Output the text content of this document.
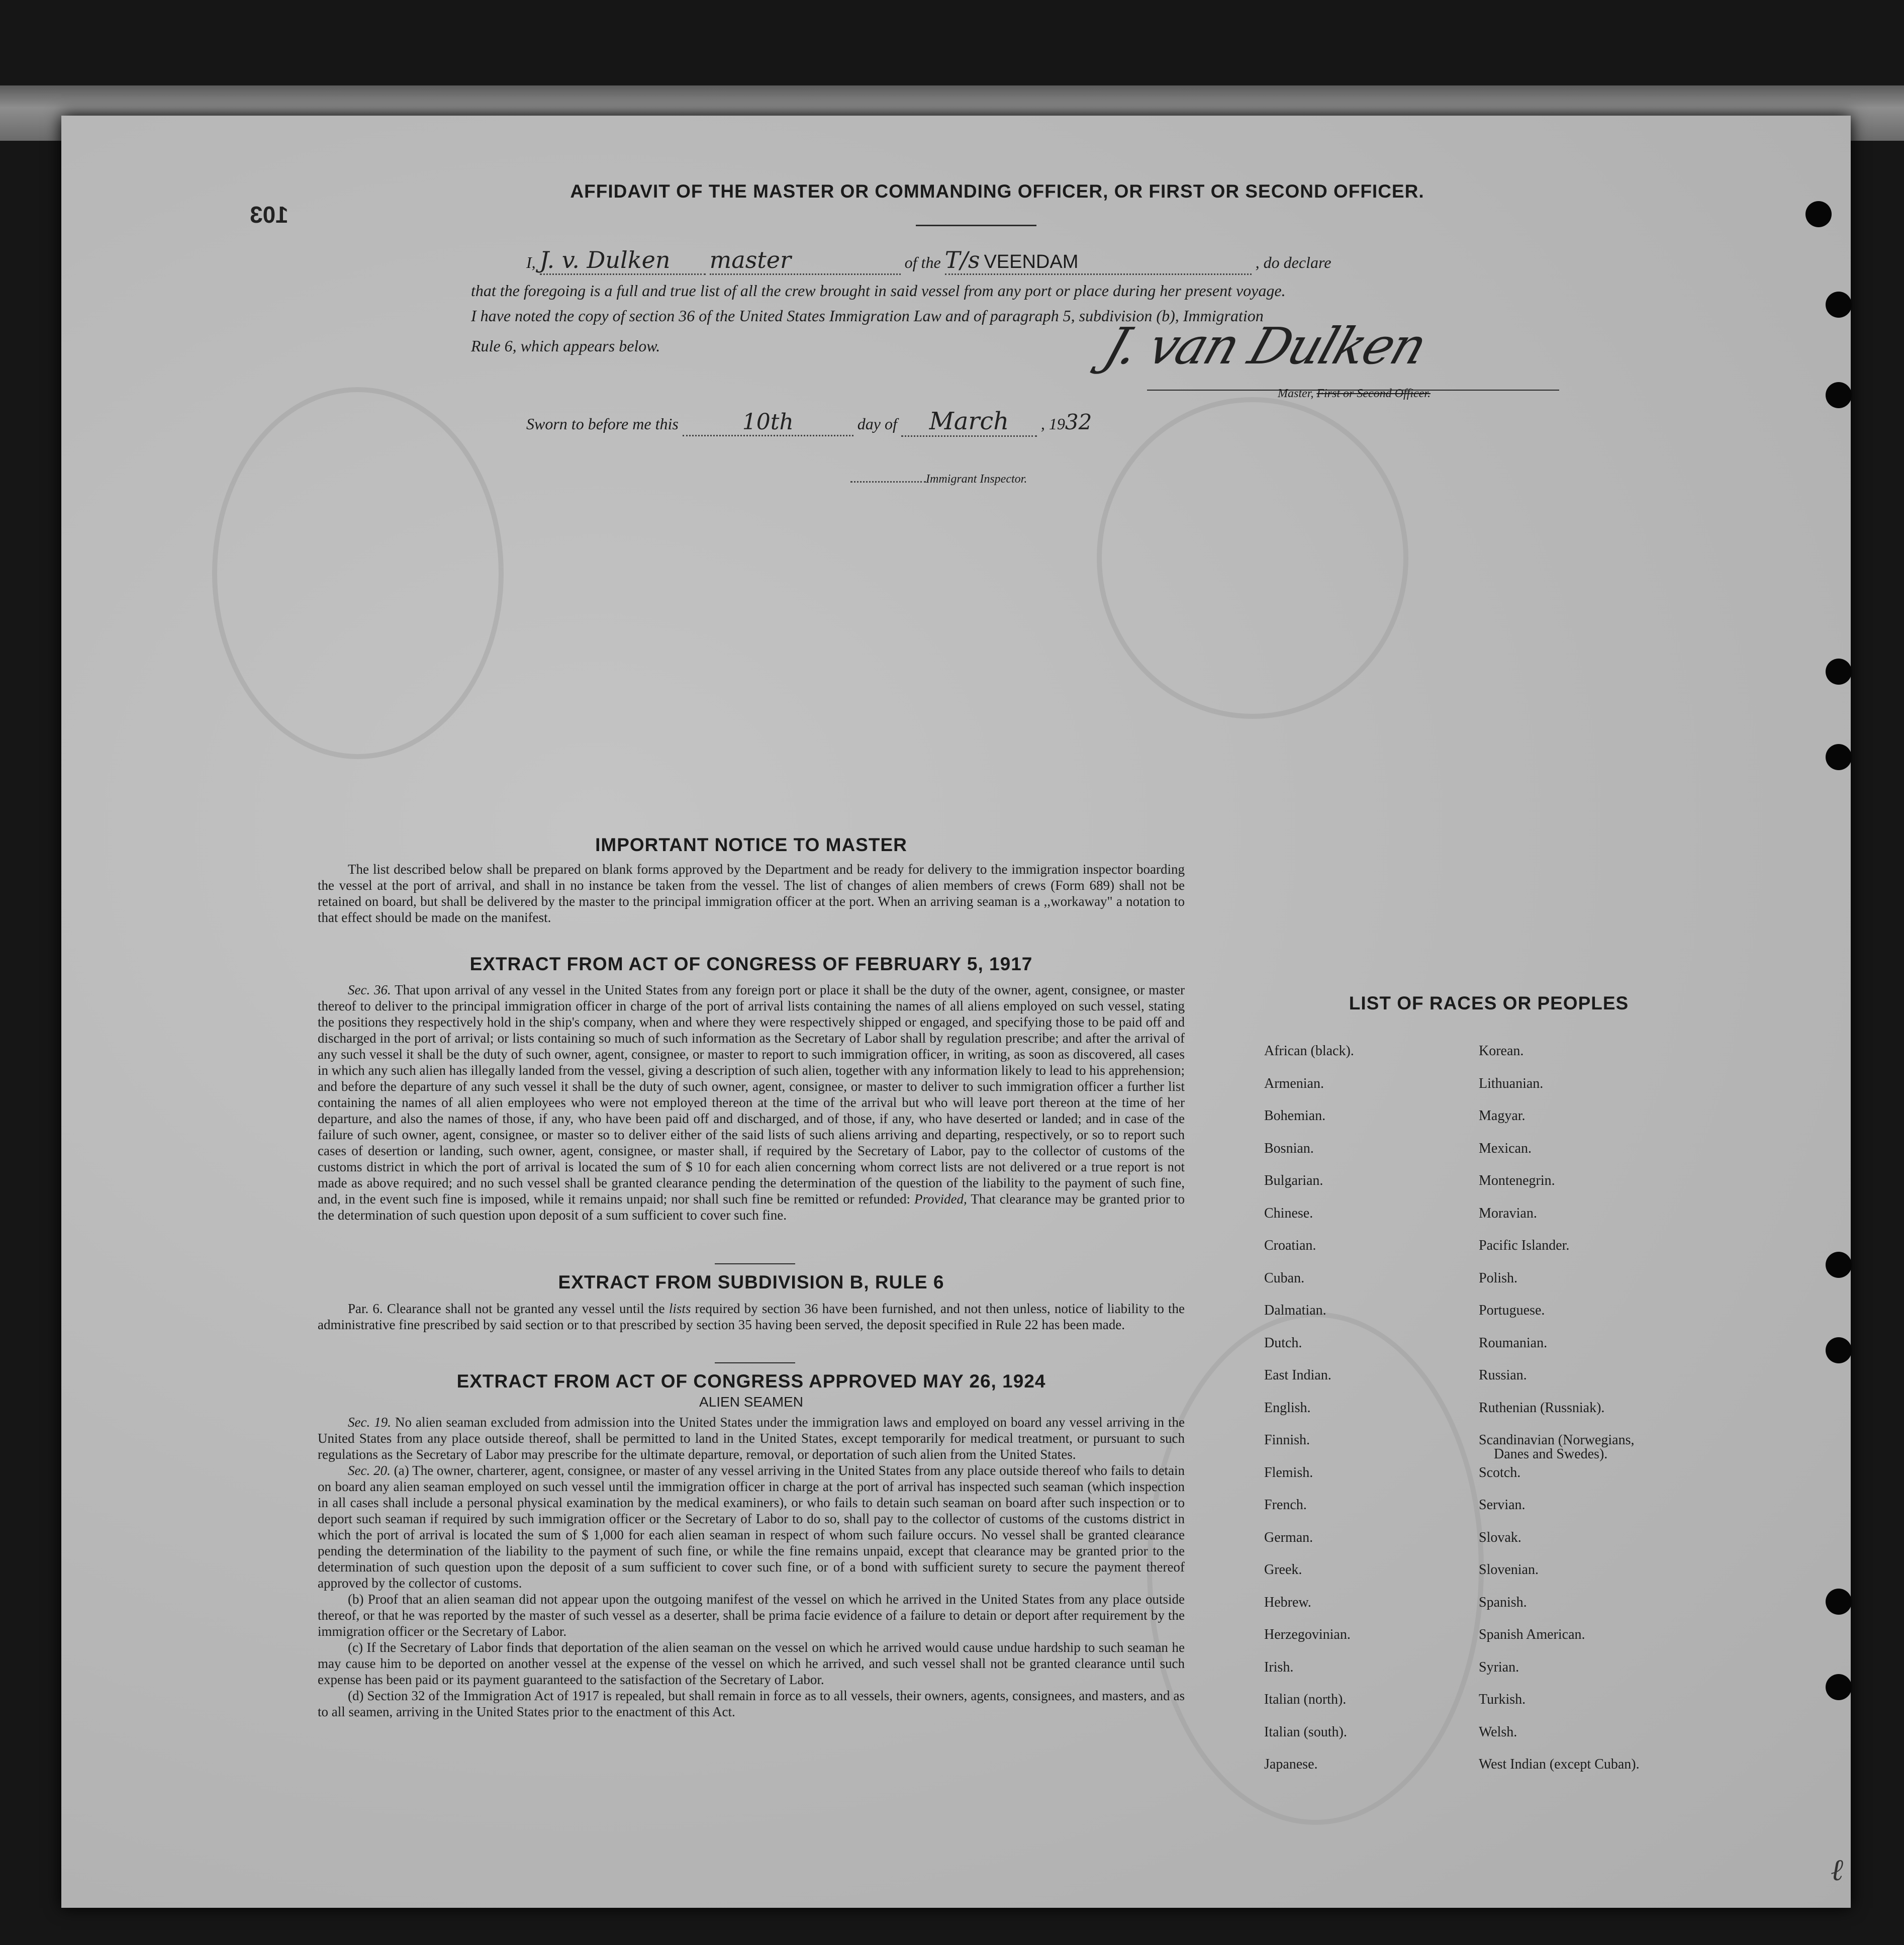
103
AFFIDAVIT OF THE MASTER OR COMMANDING OFFICER, OR FIRST OR SECOND OFFICER.
I, J. v. Dulken master	of the T/s VEENDAM	, do declare
that the foregoing is a full and true list of all the crew brought in said vessel from any port or place during her present voyage.
I have noted the copy of section 36 of the United States Immigration Law and of paragraph 5, subdivision (b), Immigration
Rule 6, which appears below.	J. van Dulken
Master, First or Second Officer.
Sworn to before me this	10th	day of March , 1932
Immigrant Inspector.
IMPORTANT NOTICE TO MASTER

The list described below shall be prepared on blank forms approved by the Department and be ready for delivery to the immigration inspector boarding the vessel at the port of arrival, and shall in no instance be taken from the vessel. The list of changes of alien members of crews (Form 689) shall not be retained on board, but shall be delivered by the master to the principal immigration officer at the port. When an arriving seaman is a ,,workaway" a notation to that effect should be made on the manifest.

EXTRACT FROM ACT OF CONGRESS OF FEBRUARY 5, 1917

Sec. 36. That upon arrival of any vessel in the United States from any foreign port or place it shall be the duty of the owner, agent, consignee, or master thereof to deliver to the principal immigration officer in charge of the port of arrival lists containing the names of all aliens employed on such vessel, stating the positions they respectively hold in the ship's company, when and where they were respectively shipped or engaged, and specifying those to be paid off and discharged in the port of arrival; or lists containing so much of such information as the Secretary of Labor shall by regulation prescribe; and after the arrival of any such vessel it shall be the duty of such owner, agent, consignee, or master to report to such immigration officer, in writing, as soon as discovered, all cases in which any such alien has illegally landed from the vessel, giving a description of such alien, together with any information likely to lead to his apprehension; and before the departure of any such vessel it shall be the duty of such owner, agent, consignee, or master to deliver to such immigration officer a further list containing the names of all alien employees who were not employed thereon at the time of the arrival but who will leave port thereon at the time of her departure, and also the names of those, if any, who have been paid off and discharged, and of those, if any, who have deserted or landed; and in case of the failure of such owner, agent, consignee, or master so to deliver either of the said lists of such aliens arriving and departing, respectively, or so to report such cases of desertion or landing, such owner, agent, consignee, or master shall, if required by the Secretary of Labor, pay to the collector of customs of the customs district in which the port of arrival is located the sum of $ 10 for each alien concerning whom correct lists are not delivered or a true report is not made as above required; and no such vessel shall be granted clearance pending the determination of the question of the liability to the payment of such fine, and, in the event such fine is imposed, while it remains unpaid; nor shall such fine be remitted or refunded: Provided, That clearance may be granted prior to the determination of such question upon deposit of a sum sufficient to cover such fine.

EXTRACT FROM SUBDIVISION B, RULE 6

Par. 6. Clearance shall not be granted any vessel until the lists required by section 36 have been furnished, and not then unless, notice of liability to the administrative fine prescribed by said section or to that prescribed by section 35 having been served, the deposit specified in Rule 22 has been made.

EXTRACT FROM ACT OF CONGRESS APPROVED MAY 26, 1924
ALIEN SEAMEN

Sec. 19. No alien seaman excluded from admission into the United States under the immigration laws and employed on board any vessel arriving in the United States from any place outside thereof, shall be permitted to land in the United States, except temporarily for medical treatment, or pursuant to such regulations as the Secretary of Labor may prescribe for the ultimate departure, removal, or deportation of such alien from the United States.

Sec. 20. (a) The owner, charterer, agent, consignee, or master of any vessel arriving in the United States from any place outside thereof who fails to detain on board any alien seaman employed on such vessel until the immigration officer in charge at the port of arrival has inspected such seaman (which inspection in all cases shall include a personal physical examination by the medical examiners), or who fails to detain such seaman on board after such inspection or to deport such seaman if required by such immigration officer or the Secretary of Labor to do so, shall pay to the collector of customs of the customs district in which the port of arrival is located the sum of $ 1,000 for each alien seaman in respect of whom such failure occurs. No vessel shall be granted clearance pending the determination of the liability to the payment of such fine, or while the fine remains unpaid, except that clearance may be granted prior to the determination of such question upon the deposit of a sum sufficient to cover such fine, or of a bond with sufficient surety to secure the payment thereof approved by the collector of customs.

(b) Proof that an alien seaman did not appear upon the outgoing manifest of the vessel on which he arrived in the United States from any place outside thereof, or that he was reported by the master of such vessel as a deserter, shall be prima facie evidence of a failure to detain or deport after requirement by the immigration officer or the Secretary of Labor.

(c) If the Secretary of Labor finds that deportation of the alien seaman on the vessel on which he arrived would cause undue hardship to such seaman he may cause him to be deported on another vessel at the expense of the vessel on which he arrived, and such vessel shall not be granted clearance until such expense has been paid or its payment guaranteed to the satisfaction of the Secretary of Labor.

(d) Section 32 of the Immigration Act of 1917 is repealed, but shall remain in force as to all vessels, their owners, agents, consignees, and masters, and as to all seamen, arriving in the United States prior to the enactment of this Act.

LIST OF RACES OR PEOPLES
African (black).
Armenian.
Bohemian.
Bosnian.
Bulgarian.
Chinese.
Croatian.
Cuban.
Dalmatian.
Dutch.
East Indian.
English.
Finnish.
Flemish.
French.
German.
Greek.
Hebrew.
Herzegovinian.
Irish.
Italian (north).
Italian (south).
Japanese.
Korean.
Lithuanian.
Magyar.
Mexican.
Montenegrin.
Moravian.
Pacific Islander.
Polish.
Portuguese.
Roumanian.
Russian.
Ruthenian (Russniak).
Scandinavian (Norwegians,
Danes and Swedes).
Scotch.
Servian.
Slovak.
Slovenian.
Spanish.
Spanish American.
Syrian.
Turkish.
Welsh.
West Indian (except Cuban).
ℓ
